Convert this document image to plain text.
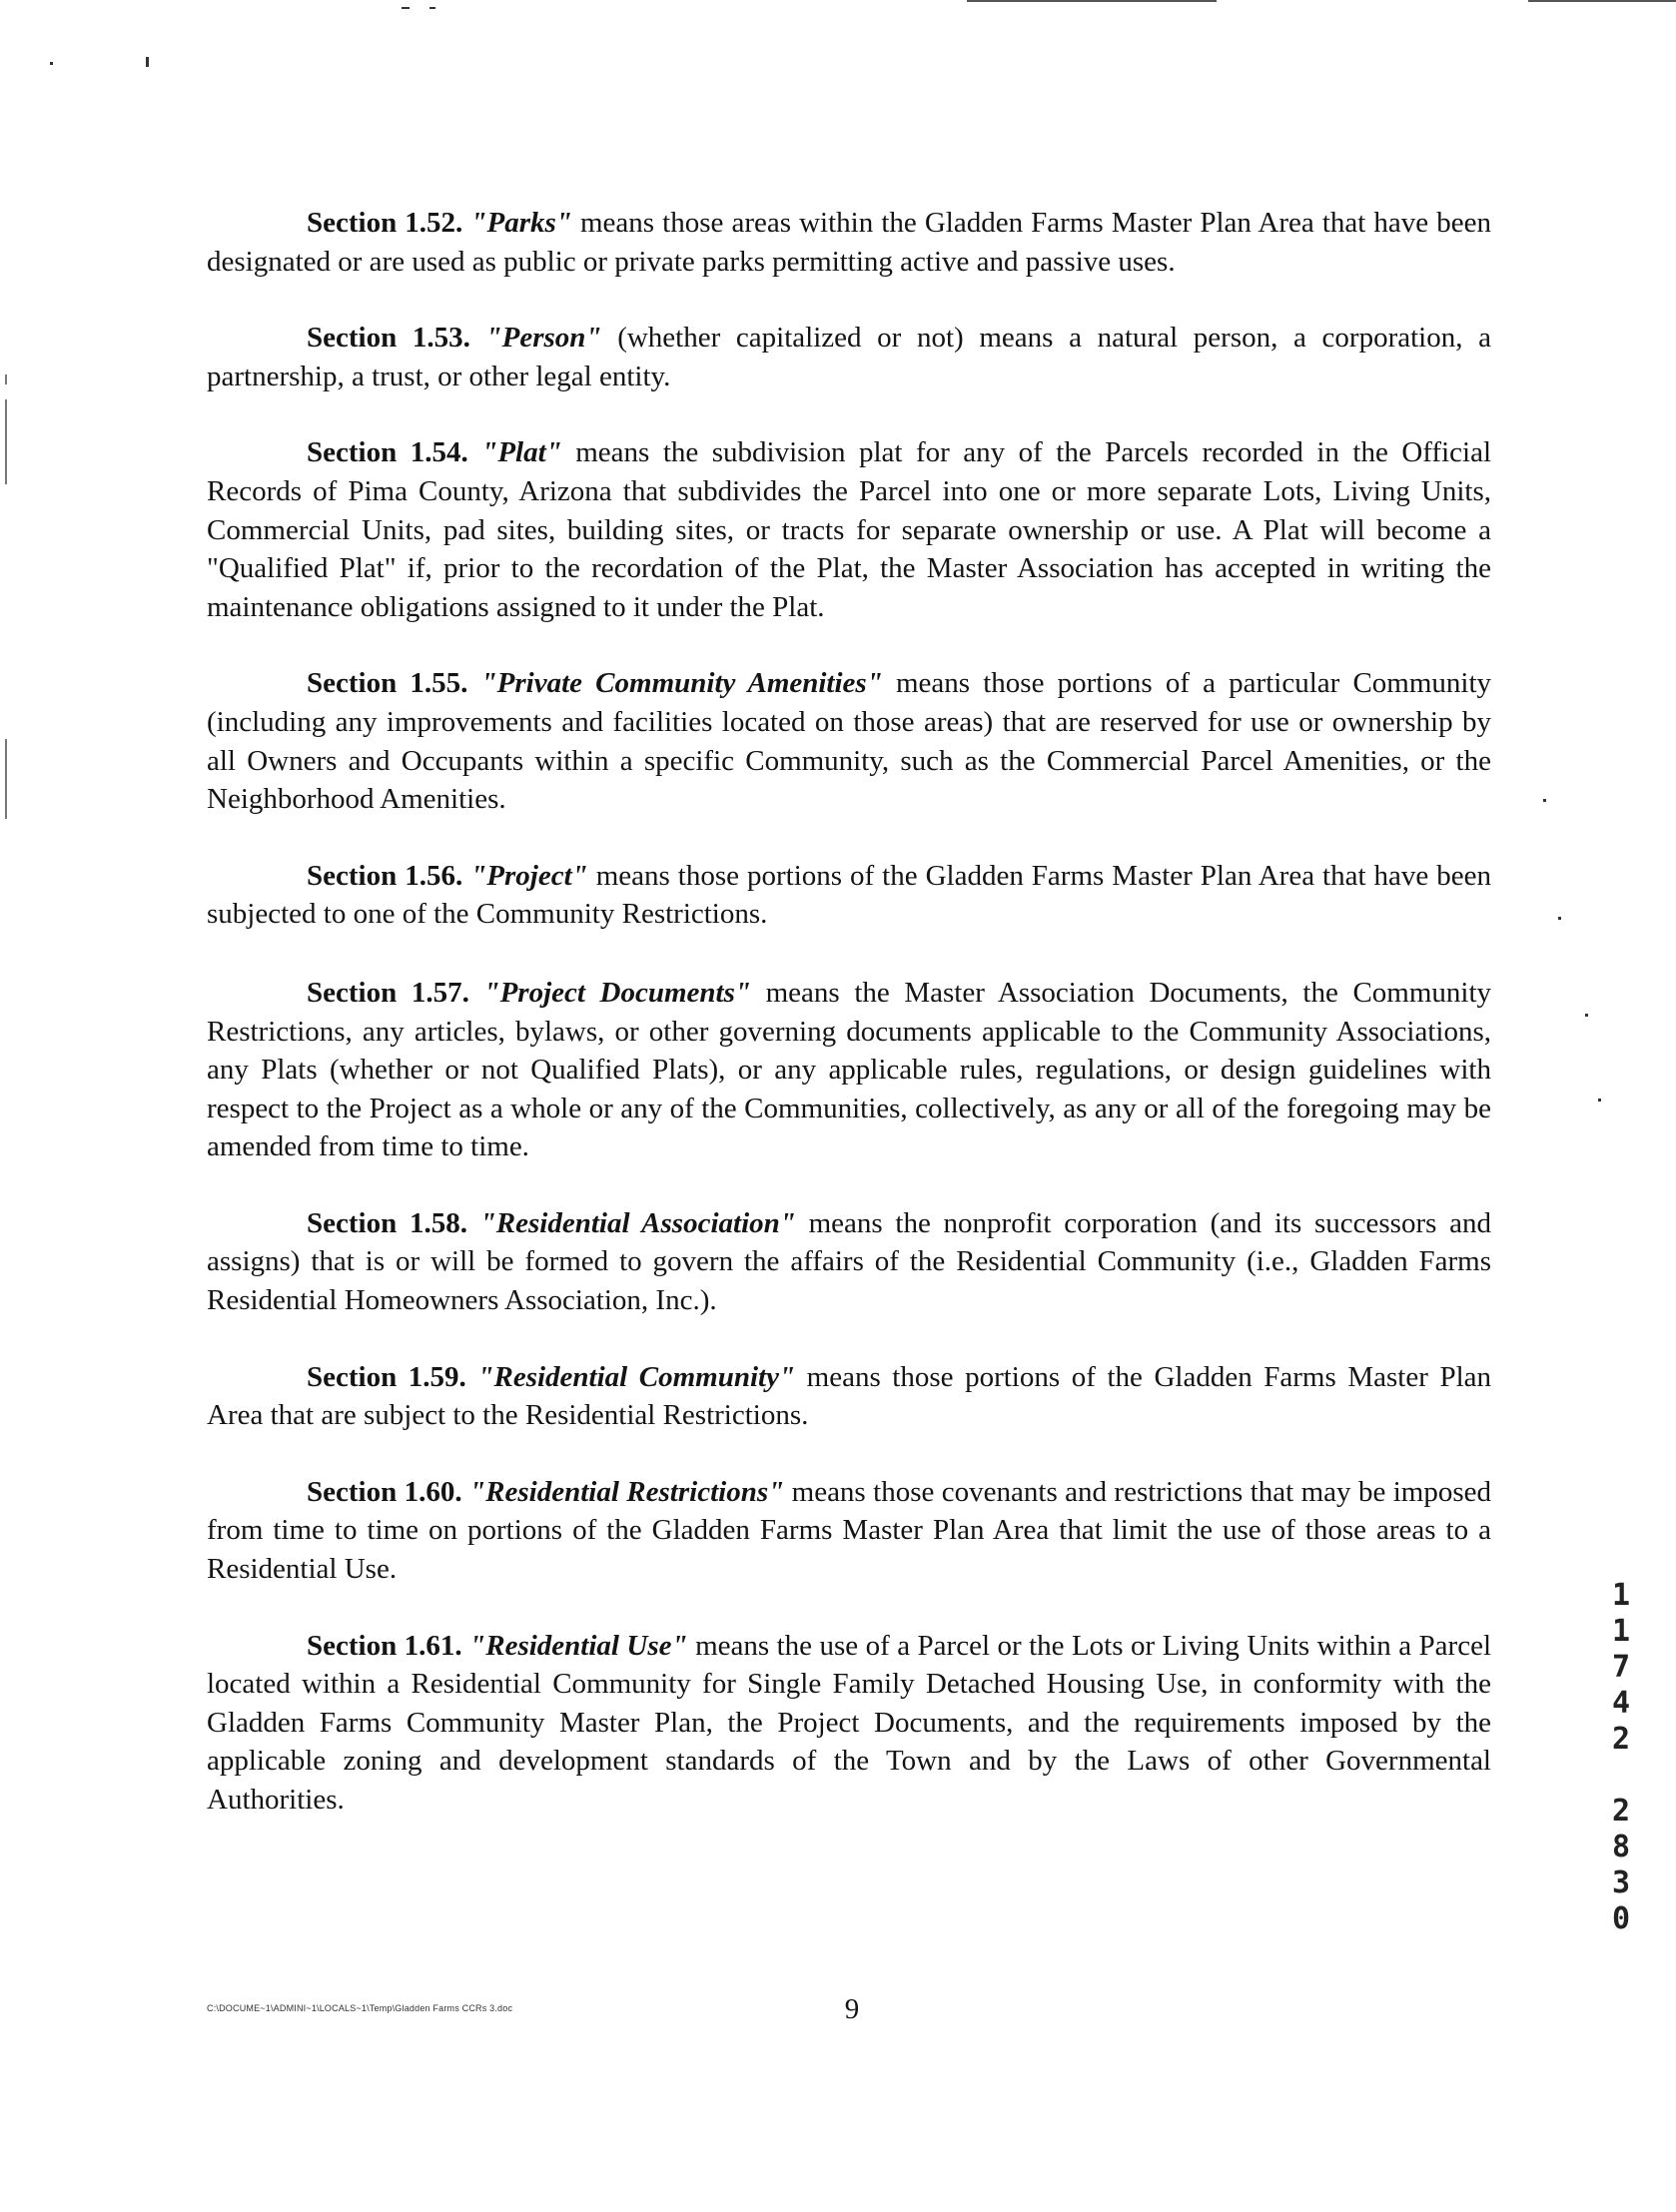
Section 1.52. "Parks" means those areas within the Gladden Farms Master Plan Area that have been designated or are used as public or private parks permitting active and passive uses.

Section 1.53. "Person" (whether capitalized or not) means a natural person, a corporation, a partnership, a trust, or other legal entity.

Section 1.54. "Plat" means the subdivision plat for any of the Parcels recorded in the Official Records of Pima County, Arizona that subdivides the Parcel into one or more separate Lots, Living Units, Commercial Units, pad sites, building sites, or tracts for separate ownership or use. A Plat will become a "Qualified Plat" if, prior to the recordation of the Plat, the Master Association has accepted in writing the maintenance obligations assigned to it under the Plat.

Section 1.55. "Private Community Amenities" means those portions of a particular Community (including any improvements and facilities located on those areas) that are reserved for use or ownership by all Owners and Occupants within a specific Community, such as the Commercial Parcel Amenities, or the Neighborhood Amenities.

Section 1.56. "Project" means those portions of the Gladden Farms Master Plan Area that have been subjected to one of the Community Restrictions.

Section 1.57. "Project Documents" means the Master Association Documents, the Community Restrictions, any articles, bylaws, or other governing documents applicable to the Community Associations, any Plats (whether or not Qualified Plats), or any applicable rules, regulations, or design guidelines with respect to the Project as a whole or any of the Communities, collectively, as any or all of the foregoing may be amended from time to time.

Section 1.58. "Residential Association" means the nonprofit corporation (and its successors and assigns) that is or will be formed to govern the affairs of the Residential Community (i.e., Gladden Farms Residential Homeowners Association, Inc.).

Section 1.59. "Residential Community" means those portions of the Gladden Farms Master Plan Area that are subject to the Residential Restrictions.

Section 1.60. "Residential Restrictions" means those covenants and restrictions that may be imposed from time to time on portions of the Gladden Farms Master Plan Area that limit the use of those areas to a Residential Use.

Section 1.61. "Residential Use" means the use of a Parcel or the Lots or Living Units within a Parcel located within a Residential Community for Single Family Detached Housing Use, in conformity with the Gladden Farms Community Master Plan, the Project Documents, and the requirements imposed by the applicable zoning and development standards of the Town and by the Laws of other Governmental Authorities.

1
1
7
4
2
2
8
3
0
C:\DOCUME~1\ADMINI~1\LOCALS~1\Temp\Gladden Farms CCRs 3.doc	9
